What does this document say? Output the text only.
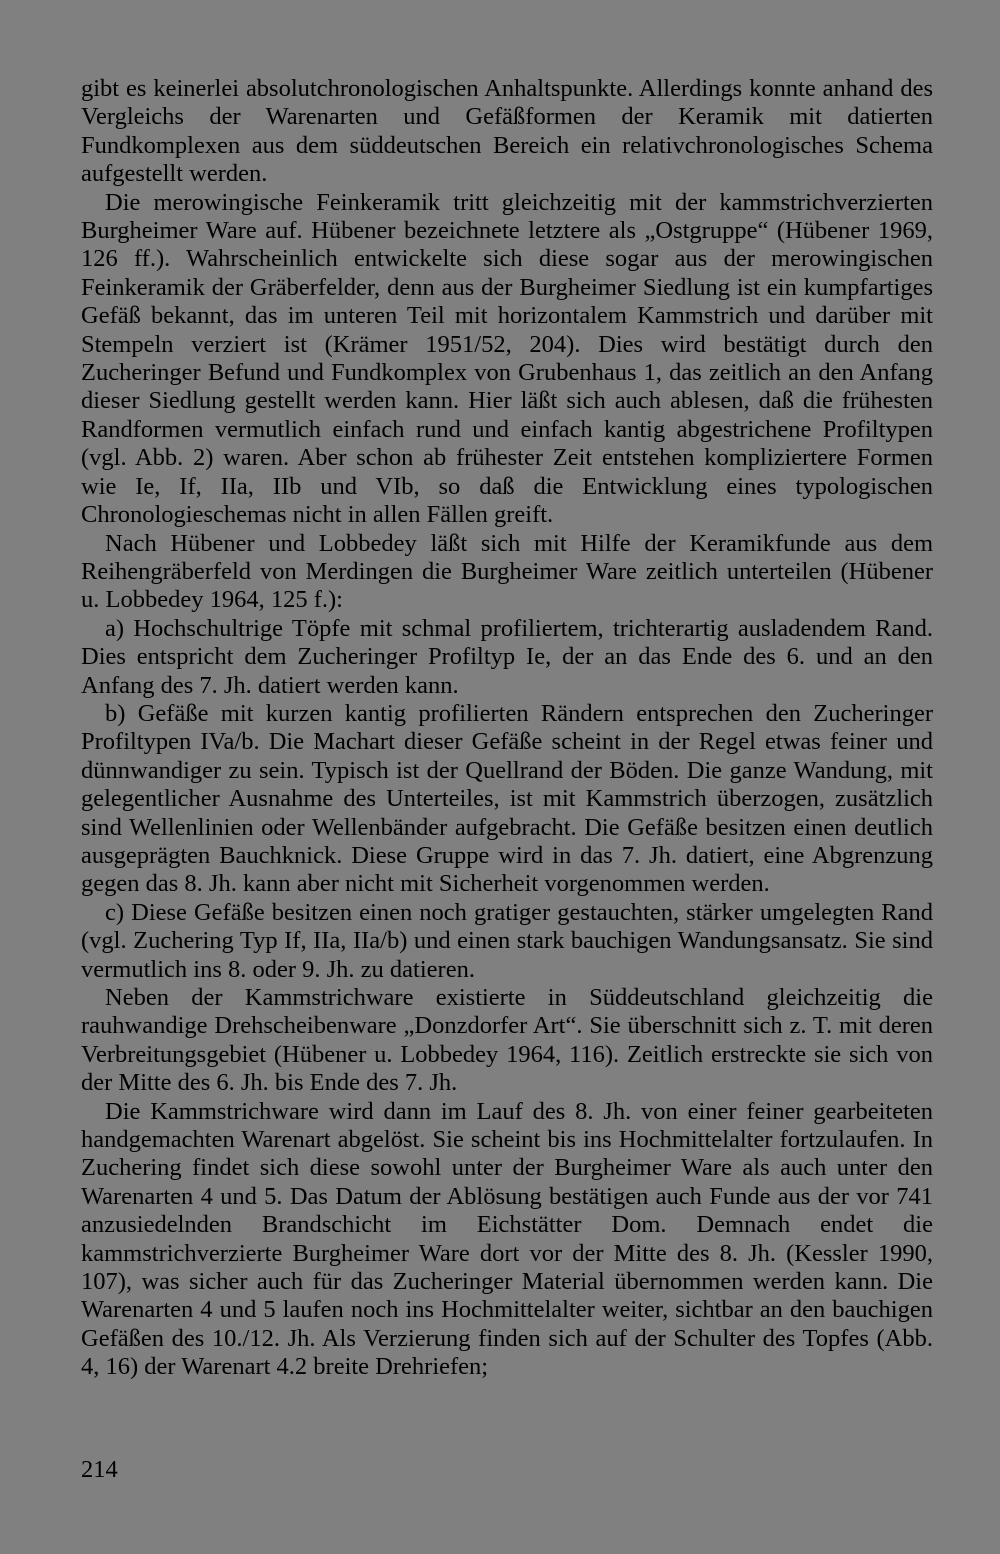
gibt es keinerlei absolutchronologischen Anhaltspunkte. Allerdings konnte anhand des Vergleichs der Warenarten und Gefäßformen der Keramik mit datierten Fundkomplexen aus dem süddeutschen Bereich ein relativchronologisches Schema aufgestellt werden.

Die merowingische Feinkeramik tritt gleichzeitig mit der kammstrichverzierten Burgheimer Ware auf. Hübener bezeichnete letztere als „Ostgruppe“ (Hübener 1969, 126 ff.). Wahrscheinlich entwickelte sich diese sogar aus der merowingischen Feinkeramik der Gräberfelder, denn aus der Burgheimer Siedlung ist ein kumpfartiges Gefäß bekannt, das im unteren Teil mit horizontalem Kammstrich und darüber mit Stempeln verziert ist (Krämer 1951/52, 204). Dies wird bestätigt durch den Zucheringer Befund und Fundkomplex von Grubenhaus 1, das zeitlich an den Anfang dieser Siedlung gestellt werden kann. Hier läßt sich auch ablesen, daß die frühesten Randformen vermutlich einfach rund und einfach kantig abgestrichene Profiltypen (vgl. Abb. 2) waren. Aber schon ab frühester Zeit entstehen kompliziertere Formen wie Ie, If, IIa, IIb und VIb, so daß die Entwicklung eines typologischen Chronologieschemas nicht in allen Fällen greift.

Nach Hübener und Lobbedey läßt sich mit Hilfe der Keramikfunde aus dem Reihengräberfeld von Merdingen die Burgheimer Ware zeitlich unterteilen (Hübener u. Lobbedey 1964, 125 f.):

a) Hochschultrige Töpfe mit schmal profiliertem, trichterartig ausladendem Rand. Dies entspricht dem Zucheringer Profiltyp Ie, der an das Ende des 6. und an den Anfang des 7. Jh. datiert werden kann.

b) Gefäße mit kurzen kantig profilierten Rändern entsprechen den Zucheringer Profiltypen IVa/b. Die Machart dieser Gefäße scheint in der Regel etwas feiner und dünnwandiger zu sein. Typisch ist der Quellrand der Böden. Die ganze Wandung, mit gelegentlicher Ausnahme des Unterteiles, ist mit Kammstrich überzogen, zusätzlich sind Wellenlinien oder Wellenbänder aufgebracht. Die Gefäße besitzen einen deutlich ausgeprägten Bauchknick. Diese Gruppe wird in das 7. Jh. datiert, eine Abgrenzung gegen das 8. Jh. kann aber nicht mit Sicherheit vorgenommen werden.

c) Diese Gefäße besitzen einen noch gratiger gestauchten, stärker umgelegten Rand (vgl. Zuchering Typ If, IIa, IIa/b) und einen stark bauchigen Wandungsansatz. Sie sind vermutlich ins 8. oder 9. Jh. zu datieren.

Neben der Kammstrichware existierte in Süddeutschland gleichzeitig die rauhwandige Drehscheibenware „Donzdorfer Art“. Sie überschnitt sich z. T. mit deren Verbreitungsgebiet (Hübener u. Lobbedey 1964, 116). Zeitlich erstreckte sie sich von der Mitte des 6. Jh. bis Ende des 7. Jh.

Die Kammstrichware wird dann im Lauf des 8. Jh. von einer feiner gearbeiteten handgemachten Warenart abgelöst. Sie scheint bis ins Hochmittelalter fortzulaufen. In Zuchering findet sich diese sowohl unter der Burgheimer Ware als auch unter den Warenarten 4 und 5. Das Datum der Ablösung bestätigen auch Funde aus der vor 741 anzusiedelnden Brandschicht im Eichstätter Dom. Demnach endet die kammstrichverzierte Burgheimer Ware dort vor der Mitte des 8. Jh. (Kessler 1990, 107), was sicher auch für das Zucheringer Material übernommen werden kann. Die Warenarten 4 und 5 laufen noch ins Hochmittelalter weiter, sichtbar an den bauchigen Gefäßen des 10./12. Jh. Als Verzierung finden sich auf der Schulter des Topfes (Abb. 4, 16) der Warenart 4.2 breite Drehriefen;

214
